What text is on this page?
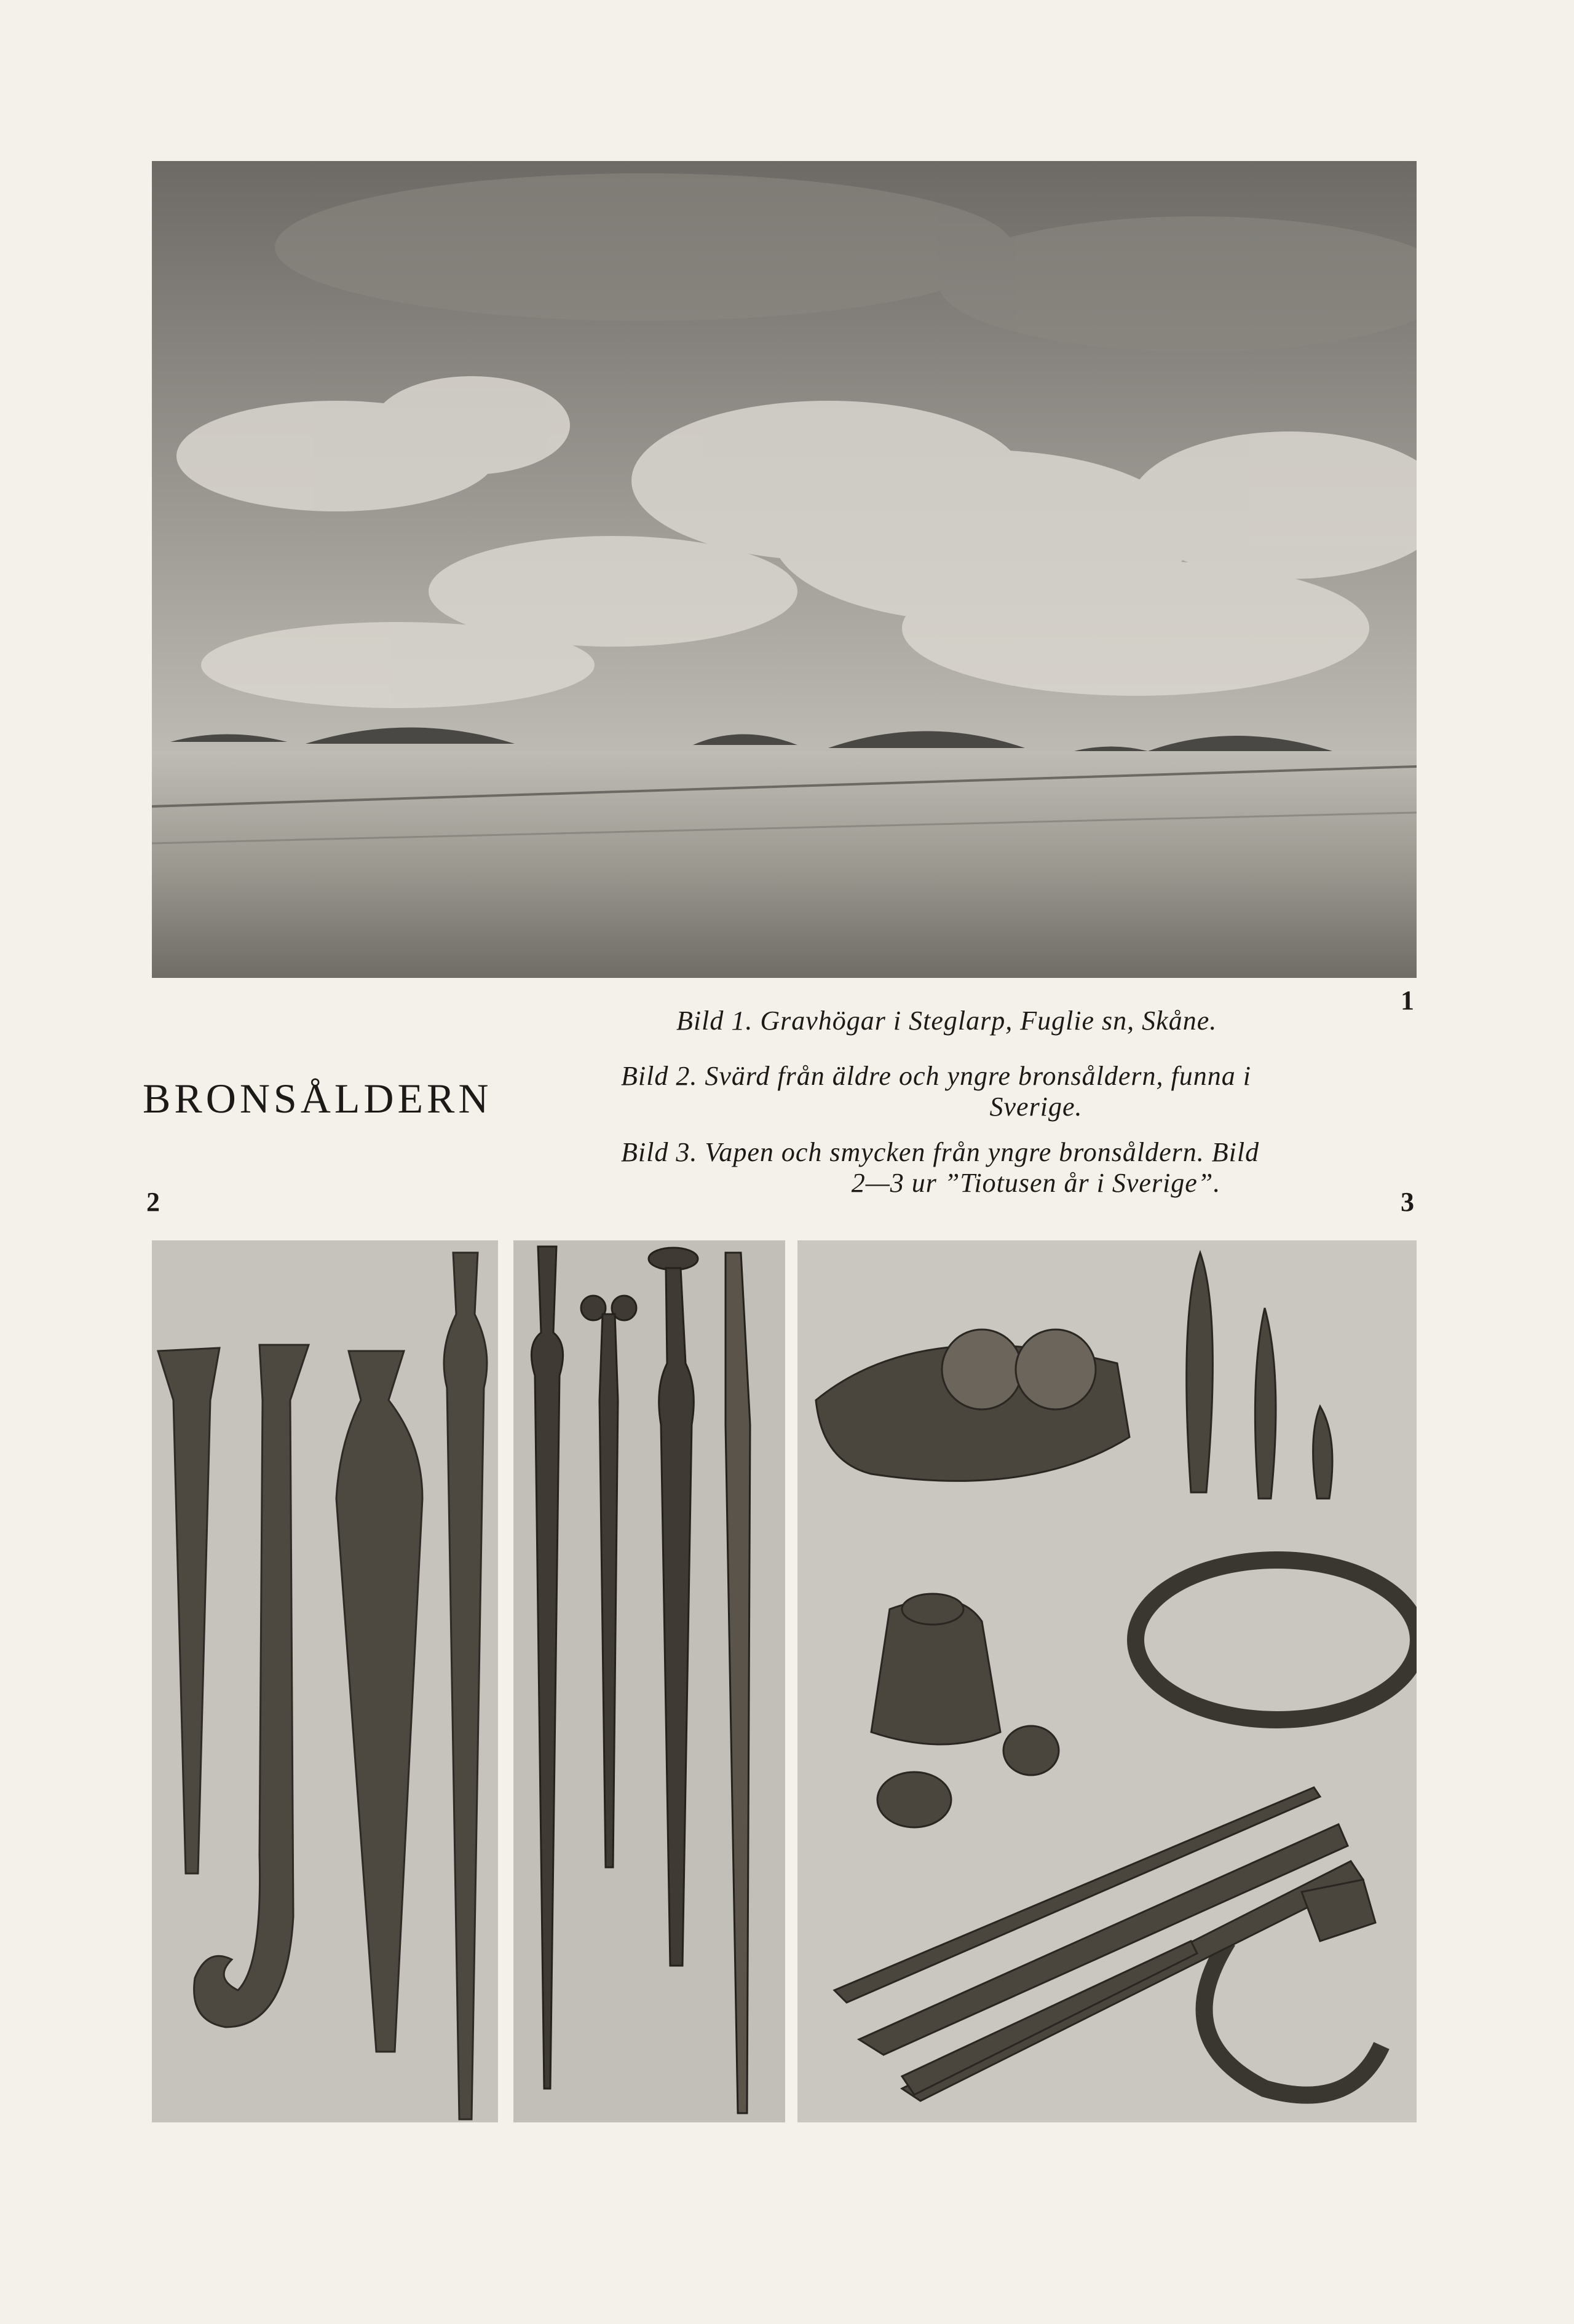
1
Bild 1. Gravhögar i Steglarp, Fuglie sn, Skåne.
BRONSÅLDERN	Bild 2. Svärd från äldre och yngre bronsåldern, funna i
Sverige.
Bild 3. Vapen och smycken från yngre bronsåldern. Bild
2—3 ur ”Tiotusen år i Sverige”.
2	3
